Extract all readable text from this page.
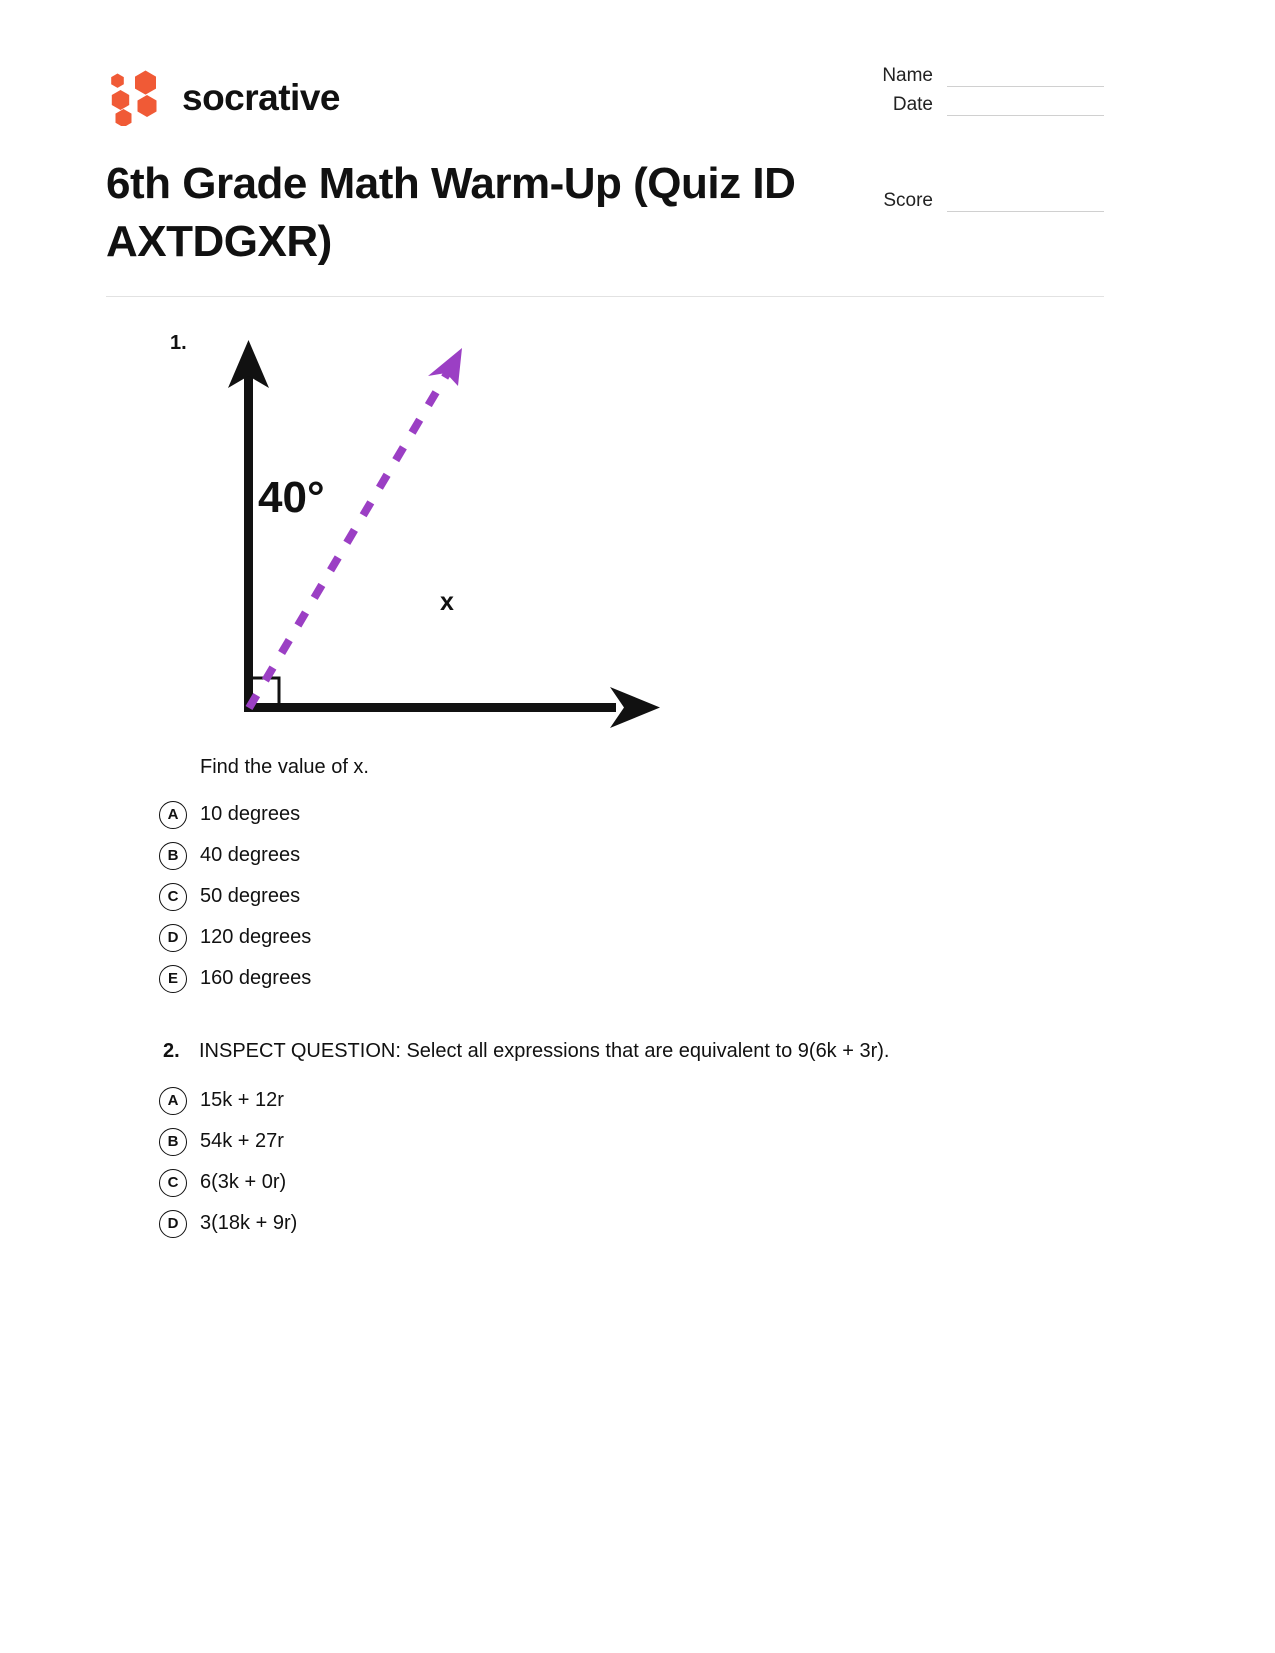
socrative
Name
Date
Score
6th Grade Math Warm-Up (Quiz ID AXTDGXR)
1.
40°
x
Find the value of x.
A	10 degrees
B	40 degrees
C	50 degrees
D	120 degrees
E	160 degrees
2. INSPECT QUESTION: Select all expressions that are equivalent to 9(6k + 3r).
A	15k + 12r
B	54k + 27r
C	6(3k + 0r)
D	3(18k + 9r)
